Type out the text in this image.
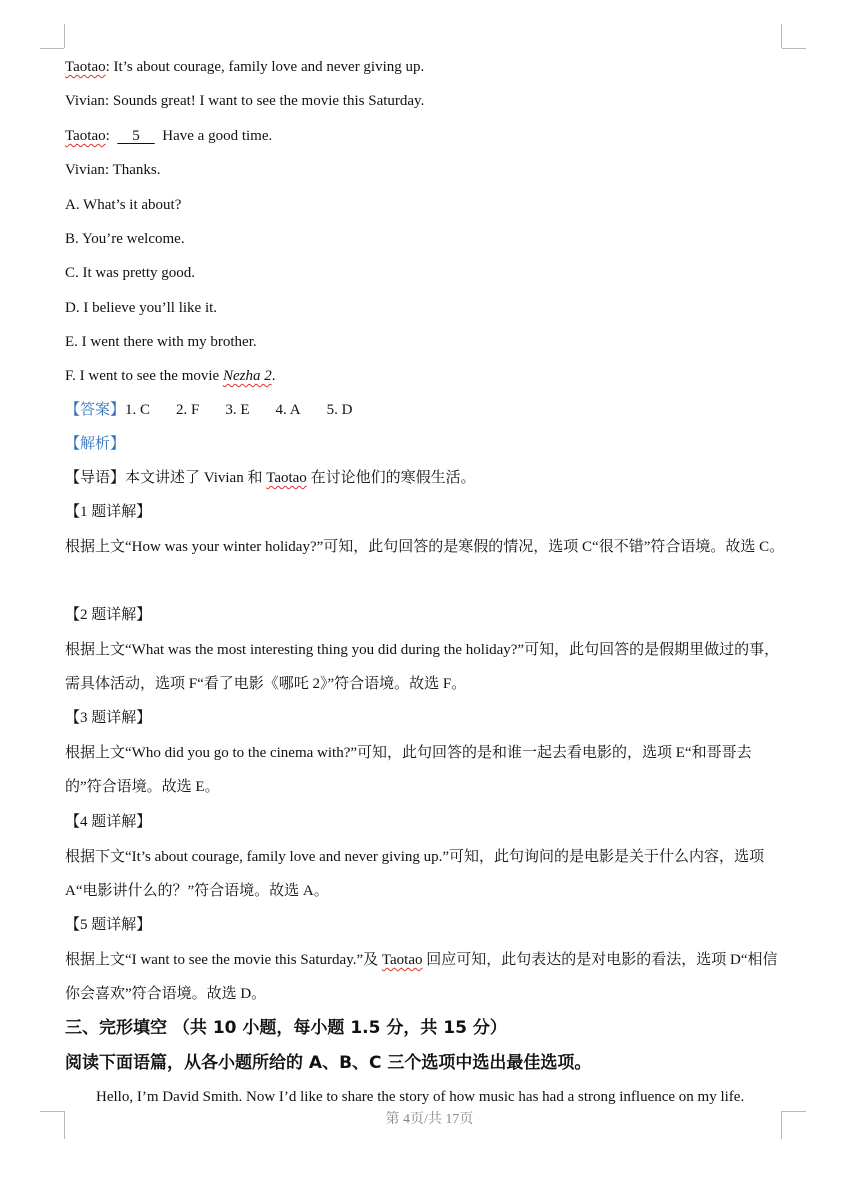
Taotao: It’s about courage, family love and never giving up.
Vivian: Sounds great! I want to see the movie this Saturday.
Taotao:      5      Have a good time.
Vivian: Thanks.
A. What’s it about?
B. You’re welcome.
C. It was pretty good.
D. I believe you’ll like it.
E. I went there with my brother.
F. I went to see the movie Nezha 2.
【答案】1. C 2. F 3. E 4. A 5. D
【解析】
【导语】本文讲述了 Vivian 和 Taotao 在讨论他们的寒假生活。
【1 题详解】
根据上文“How was your winter holiday?”可知，此句回答的是寒假的情况，选项 C“很不错”符合语境。故选 C。
【2 题详解】
根据上文“What was the most interesting thing you did during the holiday?”可知，此句回答的是假期里做过的事，需具体活动，选项 F“看了电影《哪吒 2》”符合语境。故选 F。
【3 题详解】
根据上文“Who did you go to the cinema with?”可知，此句回答的是和谁一起去看电影的，选项 E“和哥哥去的”符合语境。故选 E。
【4 题详解】
根据下文“It’s about courage, family love and never giving up.”可知，此句询问的是电影是关于什么内容，选项 A“电影讲什么的？”符合语境。故选 A。
【5 题详解】
根据上文“I want to see the movie this Saturday.”及 Taotao 回应可知，此句表达的是对电影的看法，选项 D“相信你会喜欢”符合语境。故选 D。
三、完形填空 （共 10 小题，每小题 1.5 分，共 15 分）
阅读下面语篇，从各小题所给的 A、B、C 三个选项中选出最佳选项。
Hello, I’m David Smith. Now I’d like to share the story of how music has had a strong influence on my life.
第 4页/共 17页
